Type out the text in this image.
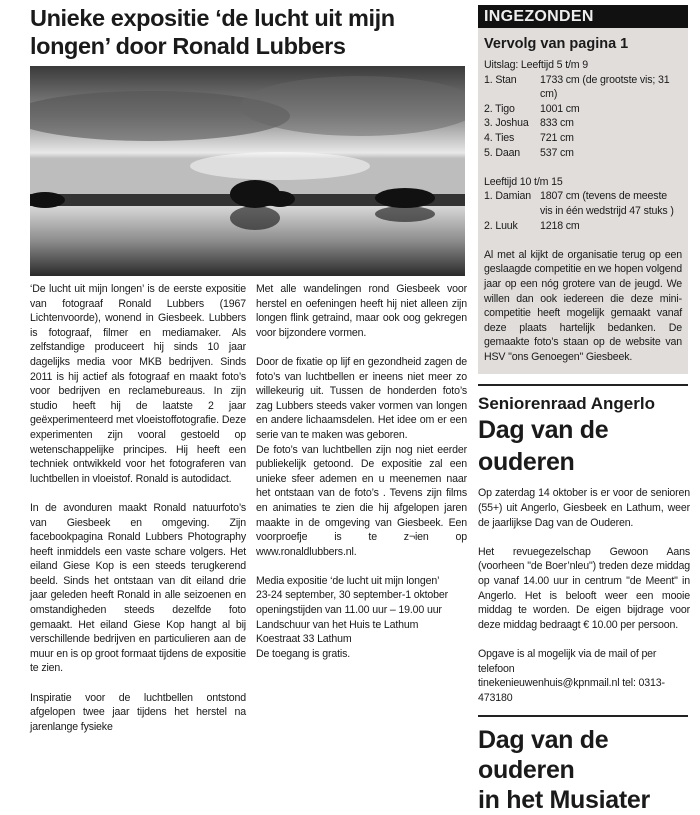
Unieke expositie ‘de lucht uit mijn longen’ door Ronald Lubbers

‘De lucht uit mijn longen’ is de eerste expositie van fotograaf Ronald Lubbers (1967 Lichtenvoorde), wonend in Giesbeek. Lubbers is fotograaf, filmer en mediamaker. Als zelfstandige produceert hij sinds 10 jaar dagelijks media voor MKB bedrijven. Sinds 2011 is hij actief als fotograaf en maakt foto’s voor bedrijven en reclamebureaus. In zijn studio heeft hij de laatste 2 jaar geëxperimenteerd met vloeistoffotografie. Deze experimenten zijn vooral gestoeld op wetenschappelijke principes. Hij heeft een techniek ontwikkeld voor het fotograferen van luchtbellen in vloeistof. Ronald is autodidact.

In de avonduren maakt Ronald natuurfoto’s van Giesbeek en omgeving. Zijn facebookpagina Ronald Lubbers Photography heeft inmiddels een vaste schare volgers. Het eiland Giese Kop is een steeds terugkerend beeld. Sinds het ontstaan van dit eiland drie jaar geleden heeft Ronald in alle seizoenen en omstandigheden steeds dezelfde foto gemaakt. Het eiland Giese Kop hangt al bij verschillende bedrijven en particulieren aan de muur en is op groot formaat tijdens de expositie te zien.

Inspiratie voor de luchtbellen ontstond afgelopen twee jaar tijdens het herstel na jarenlange fysieke

Met alle wandelingen rond Giesbeek voor herstel en oefeningen heeft hij niet alleen zijn longen flink getraind, maar ook oog gekregen voor bijzondere vormen.

Door de fixatie op lijf en gezondheid zagen de foto’s van luchtbellen er ineens niet meer zo willekeurig uit. Tussen de honderden foto’s zag Lubbers steeds vaker vormen van longen en andere lichaamsdelen. Het idee om er een serie van te maken was geboren.

De foto’s van luchtbellen zijn nog niet eerder publiekelijk getoond. De expositie zal een unieke sfeer ademen en u meenemen naar het ontstaan van de foto’s . Tevens zijn films en animaties te zien die hij afgelopen jaren maakte in de omgeving van Giesbeek. Een voorproefje is te z¬ien op www.ronaldlubbers.nl.

Media expositie ‘de lucht uit mijn longen’

23-24 september, 30 september-1 oktober

openingstijden van 11.00 uur – 19.00 uur

Landschuur van het Huis te Lathum

Koestraat 33 Lathum

De toegang is gratis.

INGEZONDEN
Vervolg van pagina 1

Uitslag: Leeftijd 5 t/m 9

1. Stan	1733 cm (de grootste vis; 31 cm)
2. Tigo	1001 cm
3. Joshua	833 cm
4. Ties	721 cm
5. Daan	537 cm

Leeftijd 10 t/m 15

1. Damian 1807 cm (tevens de meeste vis in één wedstrijd 47 stuks )
2. Luuk	1218 cm

Al met al kijkt de organisatie terug op een geslaagde competitie en we hopen volgend jaar op een nóg grotere van de jeugd. We willen dan ook iedereen die deze mini-competitie heeft mogelijk gemaakt vanaf deze plaats hartelijk bedanken. De gemaakte foto’s staan op de website van HSV "ons Genoegen" Giesbeek.

Seniorenraad Angerlo
Dag van de ouderen

Op zaterdag 14 oktober is er voor de senioren (55+) uit Angerlo, Giesbeek en Lathum, weer de jaarlijkse Dag van de Ouderen.

Het revuegezelschap Gewoon Aans (voorheen "de Boer’nleu") treden deze middag op vanaf 14.00 uur in centrum "de Meent" in Angerlo. Het is belooft weer een mooie middag te worden. De eigen bijdrage voor deze middag bedraagt € 10.00 per persoon.

Opgave is al mogelijk via de mail of per telefoon

tinekenieuwenhuis@kpnmail.nl tel: 0313-473180

Dag van de ouderen
in het Musiater
